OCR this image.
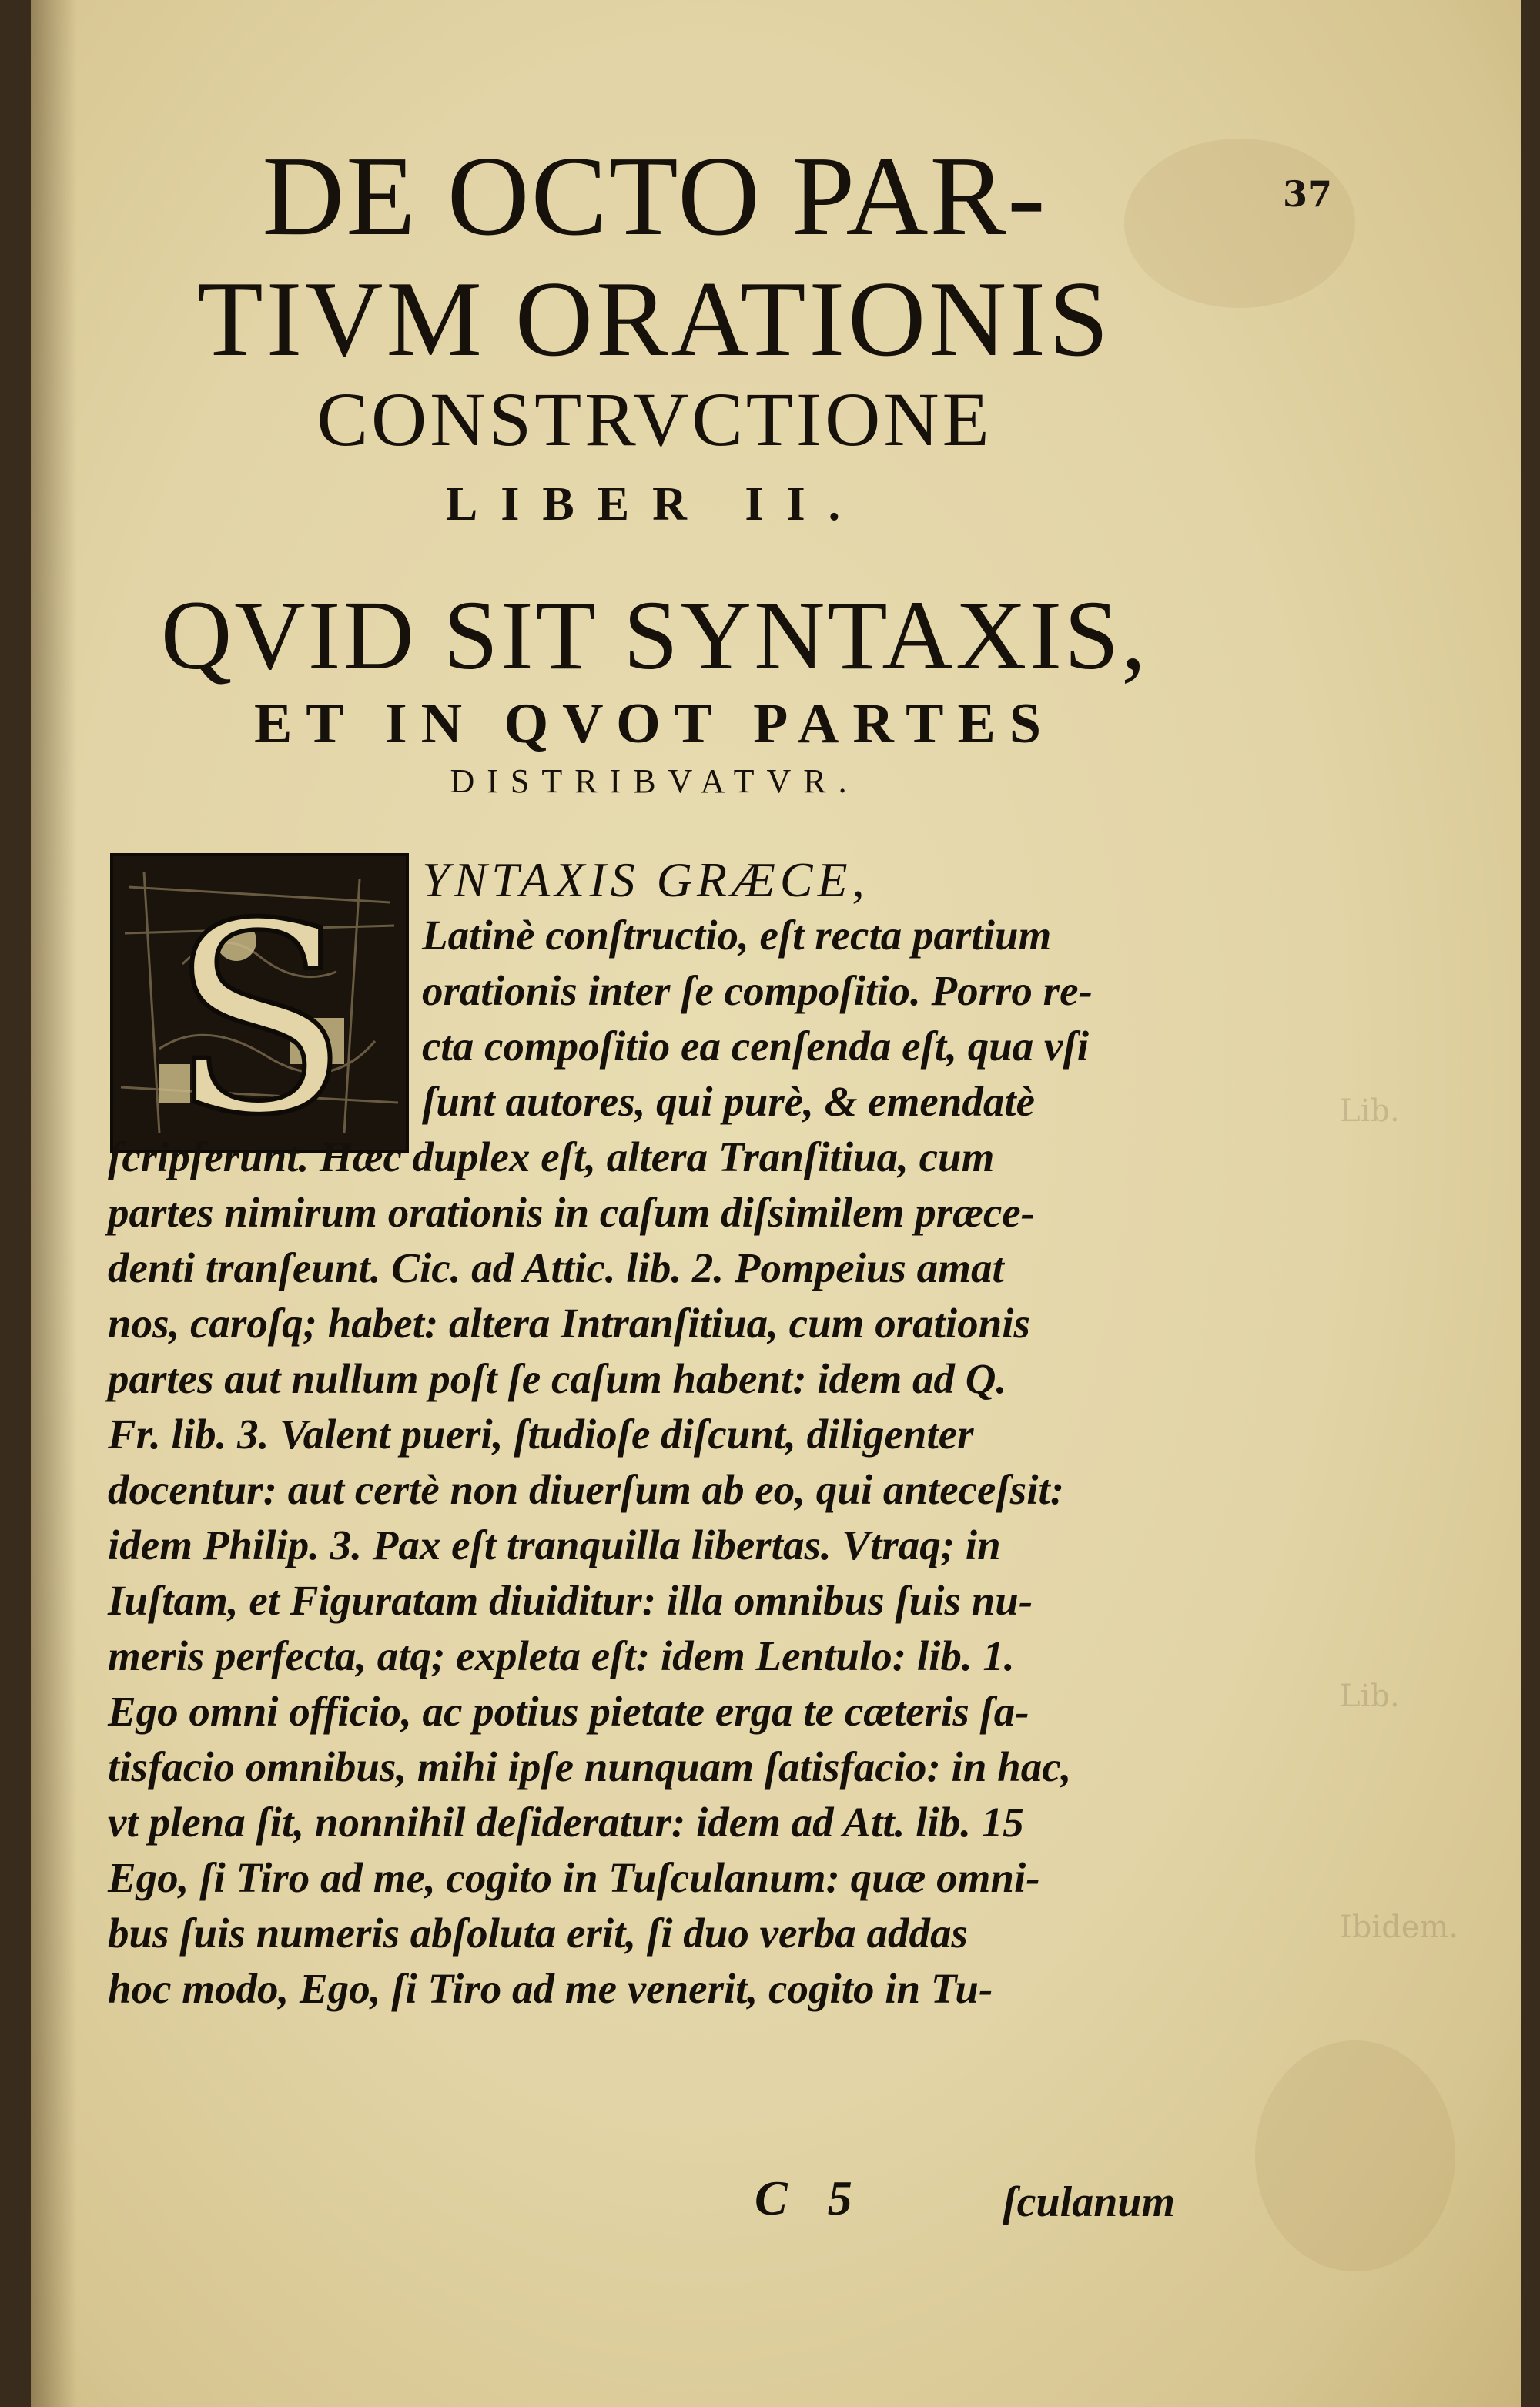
Lib.
Lib.
Ibidem.
37
DE OCTO PAR-
TIVM ORATIONIS
CONSTRVCTIONE
LIBER II.
QVID SIT SYNTAXIS,
ET IN QVOT PARTES
DISTRIBVATVR.
S YNTAXIS GRÆCE,
Latinè conſtructio, eſt recta partium
orationis inter ſe compoſitio. Porro re-
cta compoſitio ea cenſenda eſt, qua vſi
ſunt autores, qui purè, & emendatè
ſcripſerunt. Hæc duplex eſt, altera Tranſitiua, cum
partes nimirum orationis in caſum diſsimilem præce-
denti tranſeunt. Cic. ad Attic. lib. 2. Pompeius amat
nos, caroſq; habet: altera Intranſitiua, cum orationis
partes aut nullum poſt ſe caſum habent: idem ad Q.
Fr. lib. 3. Valent pueri, ſtudioſe diſcunt, diligenter
docentur: aut certè non diuerſum ab eo, qui anteceſsit:
idem Philip. 3. Pax eſt tranquilla libertas. Vtraq; in
Iuſtam, et Figuratam diuiditur: illa omnibus ſuis nu-
meris perfecta, atq; expleta eſt: idem Lentulo: lib. 1.
Ego omni officio, ac potius pietate erga te cæteris ſa-
tisfacio omnibus, mihi ipſe nunquam ſatisfacio: in hac,
vt plena ſit, nonnihil deſideratur: idem ad Att. lib. 15
Ego, ſi Tiro ad me, cogito in Tuſculanum: quæ omni-
bus ſuis numeris abſoluta erit, ſi duo verba addas
hoc modo, Ego, ſi Tiro ad me venerit, cogito in Tu-
C 5	ſculanum
